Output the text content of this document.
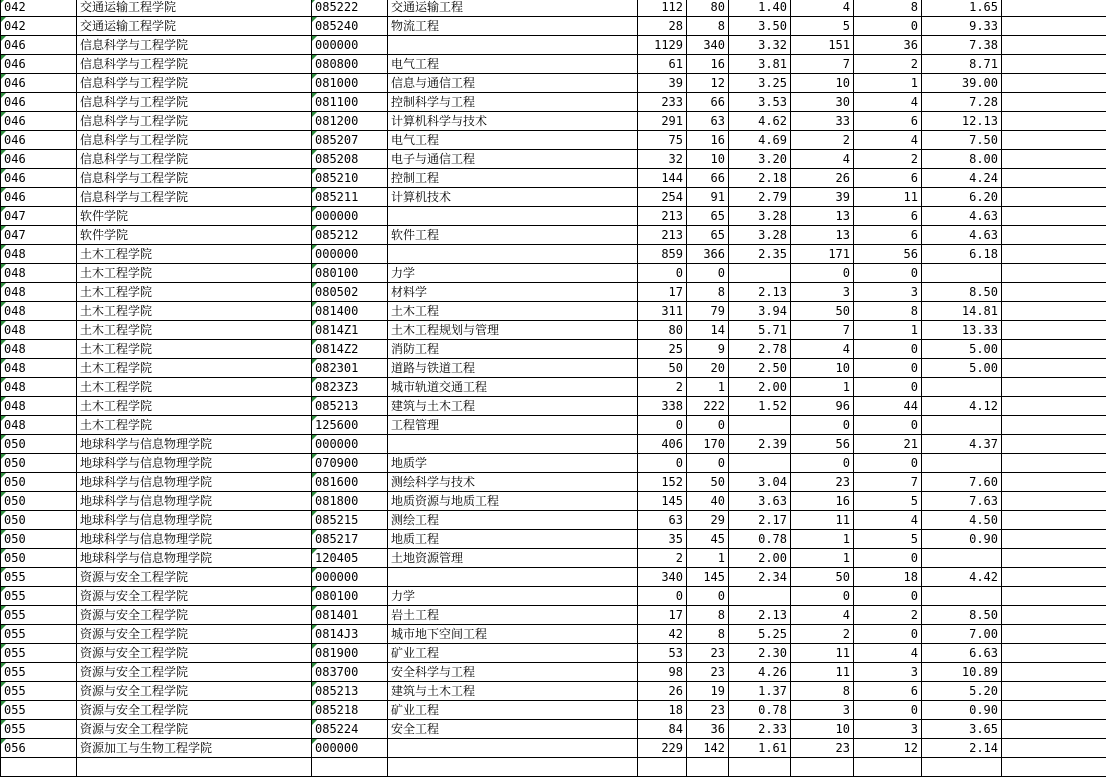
042	交通运输工程学院	085222	交通运输工程	112	80	1.40	4	8	1.65	
042	交通运输工程学院	085240	物流工程	28	8	3.50	5	0	9.33	
046	信息科学与工程学院	000000		1129	340	3.32	151	36	7.38	
046	信息科学与工程学院	080800	电气工程	61	16	3.81	7	2	8.71	
046	信息科学与工程学院	081000	信息与通信工程	39	12	3.25	10	1	39.00	
046	信息科学与工程学院	081100	控制科学与工程	233	66	3.53	30	4	7.28	
046	信息科学与工程学院	081200	计算机科学与技术	291	63	4.62	33	6	12.13	
046	信息科学与工程学院	085207	电气工程	75	16	4.69	2	4	7.50	
046	信息科学与工程学院	085208	电子与通信工程	32	10	3.20	4	2	8.00	
046	信息科学与工程学院	085210	控制工程	144	66	2.18	26	6	4.24	
046	信息科学与工程学院	085211	计算机技术	254	91	2.79	39	11	6.20	
047	软件学院	000000		213	65	3.28	13	6	4.63	
047	软件学院	085212	软件工程	213	65	3.28	13	6	4.63	
048	土木工程学院	000000		859	366	2.35	171	56	6.18	
048	土木工程学院	080100	力学	0	0		0	0		
048	土木工程学院	080502	材料学	17	8	2.13	3	3	8.50	
048	土木工程学院	081400	土木工程	311	79	3.94	50	8	14.81	
048	土木工程学院	0814Z1	土木工程规划与管理	80	14	5.71	7	1	13.33	
048	土木工程学院	0814Z2	消防工程	25	9	2.78	4	0	5.00	
048	土木工程学院	082301	道路与铁道工程	50	20	2.50	10	0	5.00	
048	土木工程学院	0823Z3	城市轨道交通工程	2	1	2.00	1	0		
048	土木工程学院	085213	建筑与土木工程	338	222	1.52	96	44	4.12	
048	土木工程学院	125600	工程管理	0	0		0	0		
050	地球科学与信息物理学院	000000		406	170	2.39	56	21	4.37	
050	地球科学与信息物理学院	070900	地质学	0	0		0	0		
050	地球科学与信息物理学院	081600	测绘科学与技术	152	50	3.04	23	7	7.60	
050	地球科学与信息物理学院	081800	地质资源与地质工程	145	40	3.63	16	5	7.63	
050	地球科学与信息物理学院	085215	测绘工程	63	29	2.17	11	4	4.50	
050	地球科学与信息物理学院	085217	地质工程	35	45	0.78	1	5	0.90	
050	地球科学与信息物理学院	120405	土地资源管理	2	1	2.00	1	0		
055	资源与安全工程学院	000000		340	145	2.34	50	18	4.42	
055	资源与安全工程学院	080100	力学	0	0		0	0		
055	资源与安全工程学院	081401	岩土工程	17	8	2.13	4	2	8.50	
055	资源与安全工程学院	0814J3	城市地下空间工程	42	8	5.25	2	0	7.00	
055	资源与安全工程学院	081900	矿业工程	53	23	2.30	11	4	6.63	
055	资源与安全工程学院	083700	安全科学与工程	98	23	4.26	11	3	10.89	
055	资源与安全工程学院	085213	建筑与土木工程	26	19	1.37	8	6	5.20	
055	资源与安全工程学院	085218	矿业工程	18	23	0.78	3	0	0.90	
055	资源与安全工程学院	085224	安全工程	84	36	2.33	10	3	3.65	
056	资源加工与生物工程学院	000000		229	142	1.61	23	12	2.14	
